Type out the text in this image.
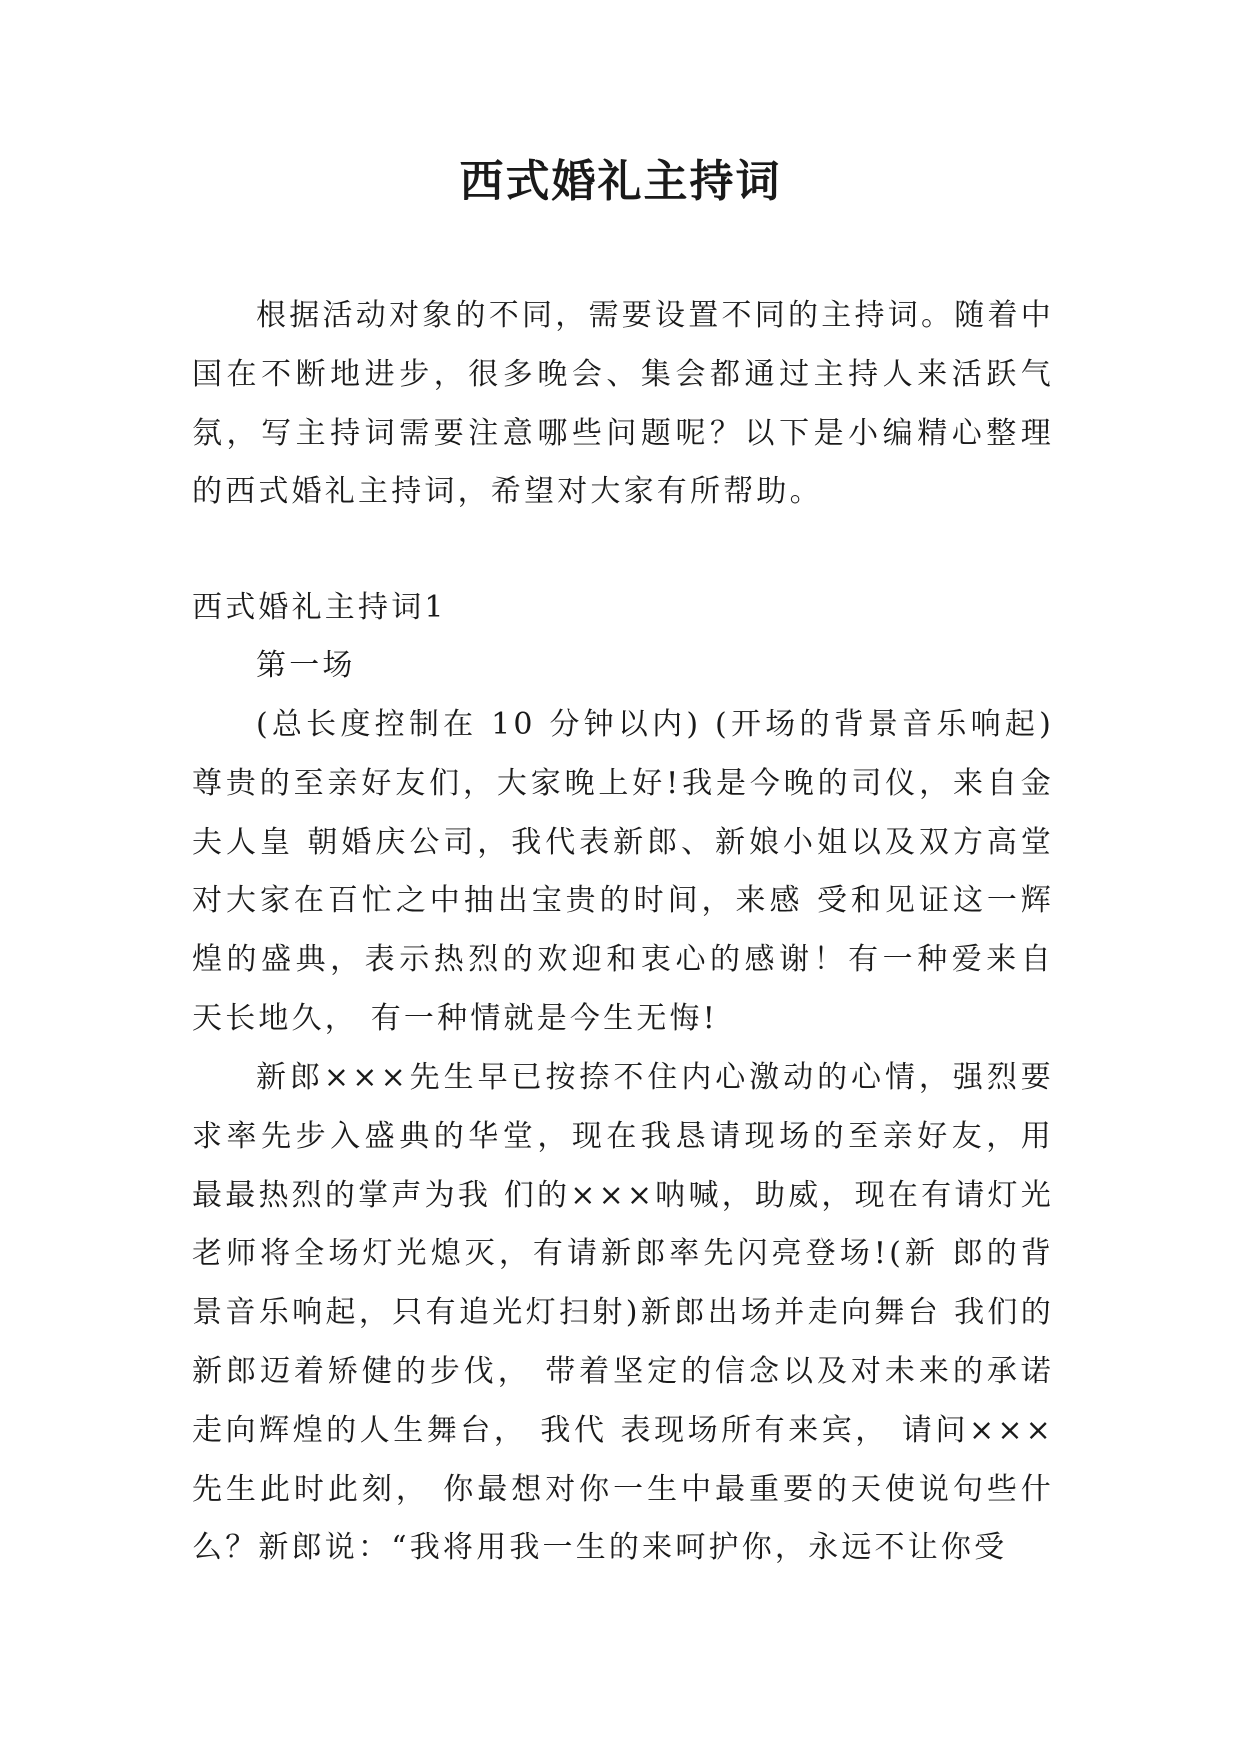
西式婚礼主持词

根据活动对象的不同，需要设置不同的主持词。随着中国在不断地进步，很多晚会、集会都通过主持人来活跃气氛，写主持词需要注意哪些问题呢？以下是小编精心整理的西式婚礼主持词，希望对大家有所帮助。

西式婚礼主持词1

第一场

(总长度控制在 10 分钟以内) (开场的背景音乐响起) 尊贵的至亲好友们，大家晚上好!我是今晚的司仪，来自金夫人皇 朝婚庆公司，我代表新郎、新娘小姐以及双方高堂对大家在百忙之中抽出宝贵的时间，来感 受和见证这一辉煌的盛典，表示热烈的欢迎和衷心的感谢！有一种爱来自天长地久， 有一种情就是今生无悔!

新郎×××先生早已按捺不住内心激动的心情，强烈要求率先步入盛典的华堂，现在我恳请现场的至亲好友，用最最热烈的掌声为我 们的×××呐喊，助威，现在有请灯光老师将全场灯光熄灭，有请新郎率先闪亮登场!(新 郎的背景音乐响起，只有追光灯扫射)新郎出场并走向舞台 我们的新郎迈着矫健的步伐， 带着坚定的信念以及对未来的承诺走向辉煌的人生舞台， 我代 表现场所有来宾， 请问×××先生此时此刻， 你最想对你一生中最重要的天使说句些什么？新郎说：“我将用我一生的来呵护你，永远不让你受
